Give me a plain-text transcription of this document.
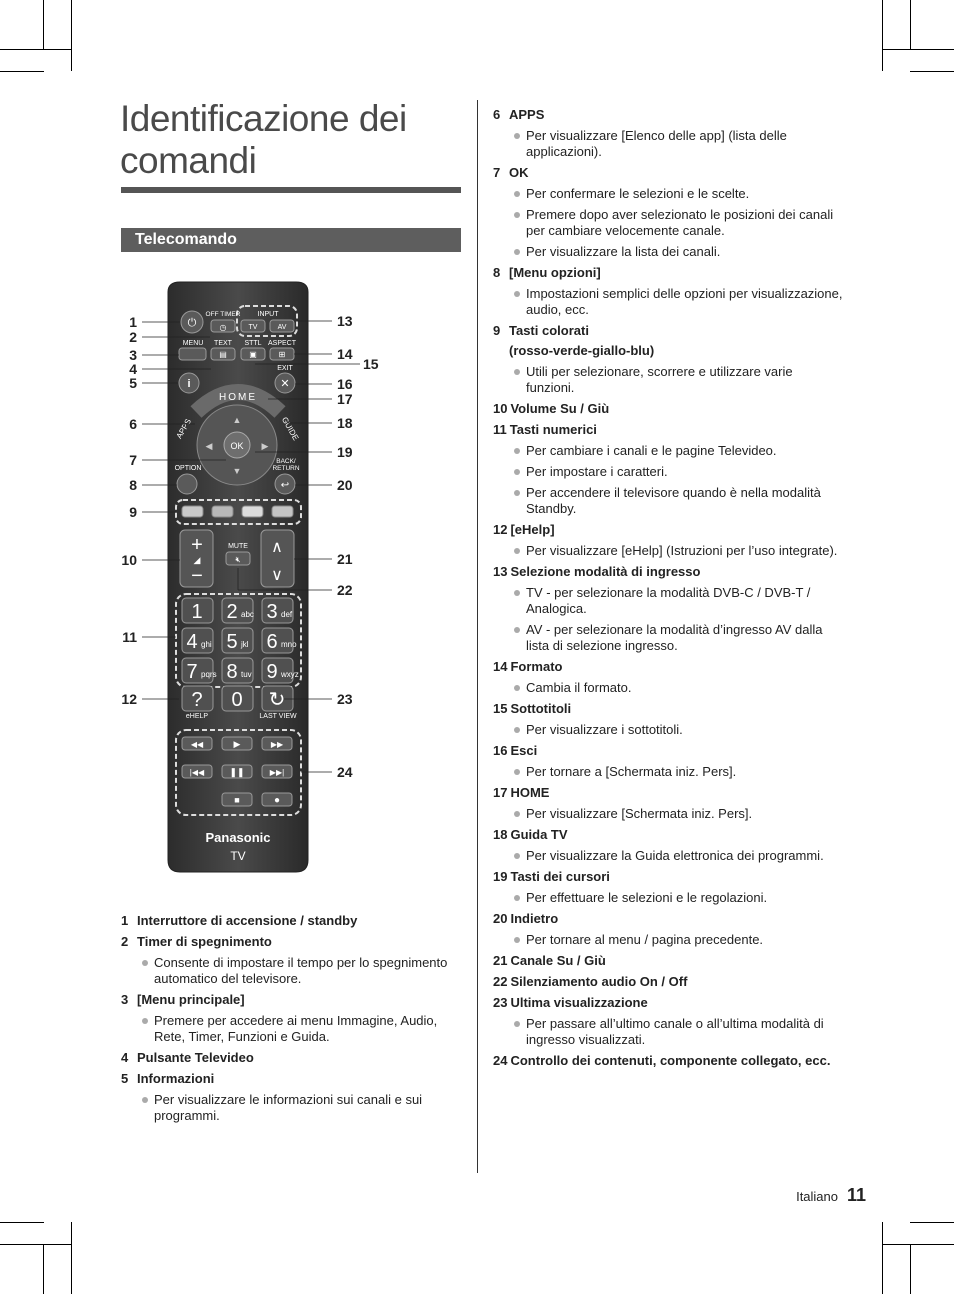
Identificazione dei
comandi
Telecomando
⏻
OFF TIMER
◷
INPUT
TV	AV
MENU TEXT
▤
STTL
▣
ASPECT
⊞
i
EXIT
✕
HOME
APPS	GUIDE
▲
▼
◀	▶
OK
OPTION
BACK/
RETURN
↩
+
◢
−
MUTE
🔇︎
∧
∨
1 2 abc 3 def
4 ghi 5 jkl 6 mno
7 pqrs 8 tuv 9 wxyz
? 0 ↻
eHELP	LAST VIEW
◀◀	▶	▶▶
|◀◀	❚❚	▶▶|
■	●
Panasonic
TV
1
2
3
4
5
6
7
8
9
10
11
12
13
14
15
16
17
18
19
20
21
22
23
24
1 Interruttore di accensione / standby
2 Timer di spegnimento
Consente di impostare il tempo per lo spegnimento automatico del televisore.
3 [Menu principale]
Premere per accedere ai menu Immagine, Audio, Rete, Timer, Funzioni e Guida.
4 Pulsante Televideo
5 Informazioni
Per visualizzare le informazioni sui canali e sui programmi.
6 APPS
Per visualizzare [Elenco delle app] (lista delle applicazioni).
7 OK
Per confermare le selezioni e le scelte.
Premere dopo aver selezionato le posizioni dei canali per cambiare velocemente canale.
Per visualizzare la lista dei canali.
8 [Menu opzioni]
Impostazioni semplici delle opzioni per visualizzazione, audio, ecc.
9 Tasti colorati
(rosso-verde-giallo-blu)
Utili per selezionare, scorrere e utilizzare varie funzioni.
10 Volume Su / Giù
11 Tasti numerici
Per cambiare i canali e le pagine Televideo.
Per impostare i caratteri.
Per accendere il televisore quando è nella modalità Standby.
12 [eHelp]
Per visualizzare [eHelp] (Istruzioni per l’uso integrate).
13 Selezione modalità di ingresso
TV - per selezionare la modalità DVB-C / DVB-T / Analogica.
AV - per selezionare la modalità d’ingresso AV dalla lista di selezione ingresso.
14 Formato
Cambia il formato.
15 Sottotitoli
Per visualizzare i sottotitoli.
16 Esci
Per tornare a [Schermata iniz. Pers].
17 HOME
Per visualizzare [Schermata iniz. Pers].
18 Guida TV
Per visualizzare la Guida elettronica dei programmi.
19 Tasti dei cursori
Per effettuare le selezioni e le regolazioni.
20 Indietro
Per tornare al menu / pagina precedente.
21 Canale Su / Giù
22 Silenziamento audio On / Off
23 Ultima visualizzazione
Per passare all’ultimo canale o all’ultima modalità di ingresso visualizzati.
24 Controllo dei contenuti, componente collegato, ecc.
Italiano 11
